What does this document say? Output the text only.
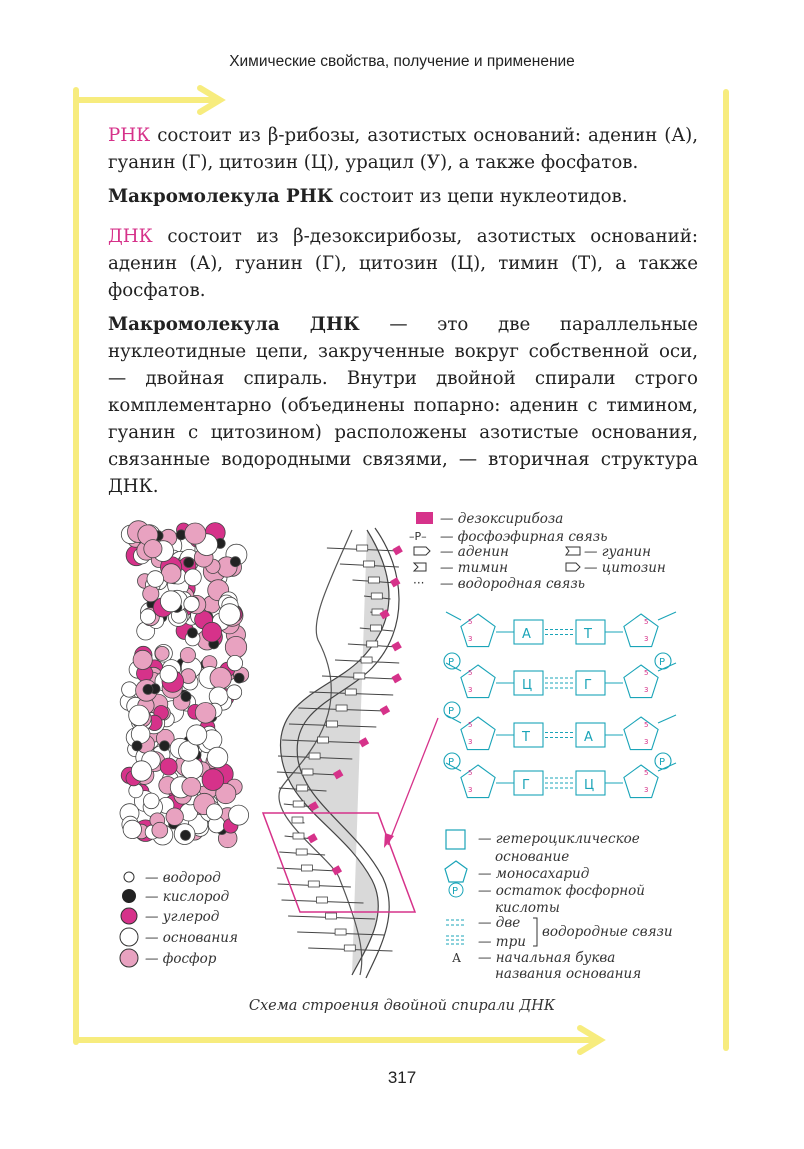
Химические свойства, получение и применение

РНК состоит из β-рибозы, азотистых оснований: аденин (А), гуанин (Г), цитозин (Ц), урацил (У), а также фосфатов.

Макромолекула РНК состоит из цепи нуклеотидов.

ДНК состоит из β-дезоксирибозы, азотистых оснований: аденин (А), гуанин (Г), цитозин (Ц), тимин (Т), а также фосфатов.

Макромолекула ДНК — это две параллельные нуклеотидные цепи, закрученные вокруг собственной оси, — двойная спираль. Внутри двойной спирали строго комплементарно (объединены попарно: аденин с тимином, гуанин с цитозином) расположены азотистые основания, связанные водородными связями, — вторичная структура ДНК.

— водород
— кислород
— углерод
— основания
— фосфор
— дезоксирибоза
–P– — фосфоэфирная связь
— аденин	— гуанин
— тимин	— цитозин
··· — водородная связь
А	Т
5
3
5
3
Ц	Г
5
3
5
3
Т	А
5
3
5
3
Г	Ц
5
3
5
3
P
P
P
P
P
— гетероциклическое
основание
— моносахарид
P — остаток фосфорной
кислоты
— две
— три
водородные связи
А — начальная буква
названия основания
Схема строения двойной спирали ДНК
317
